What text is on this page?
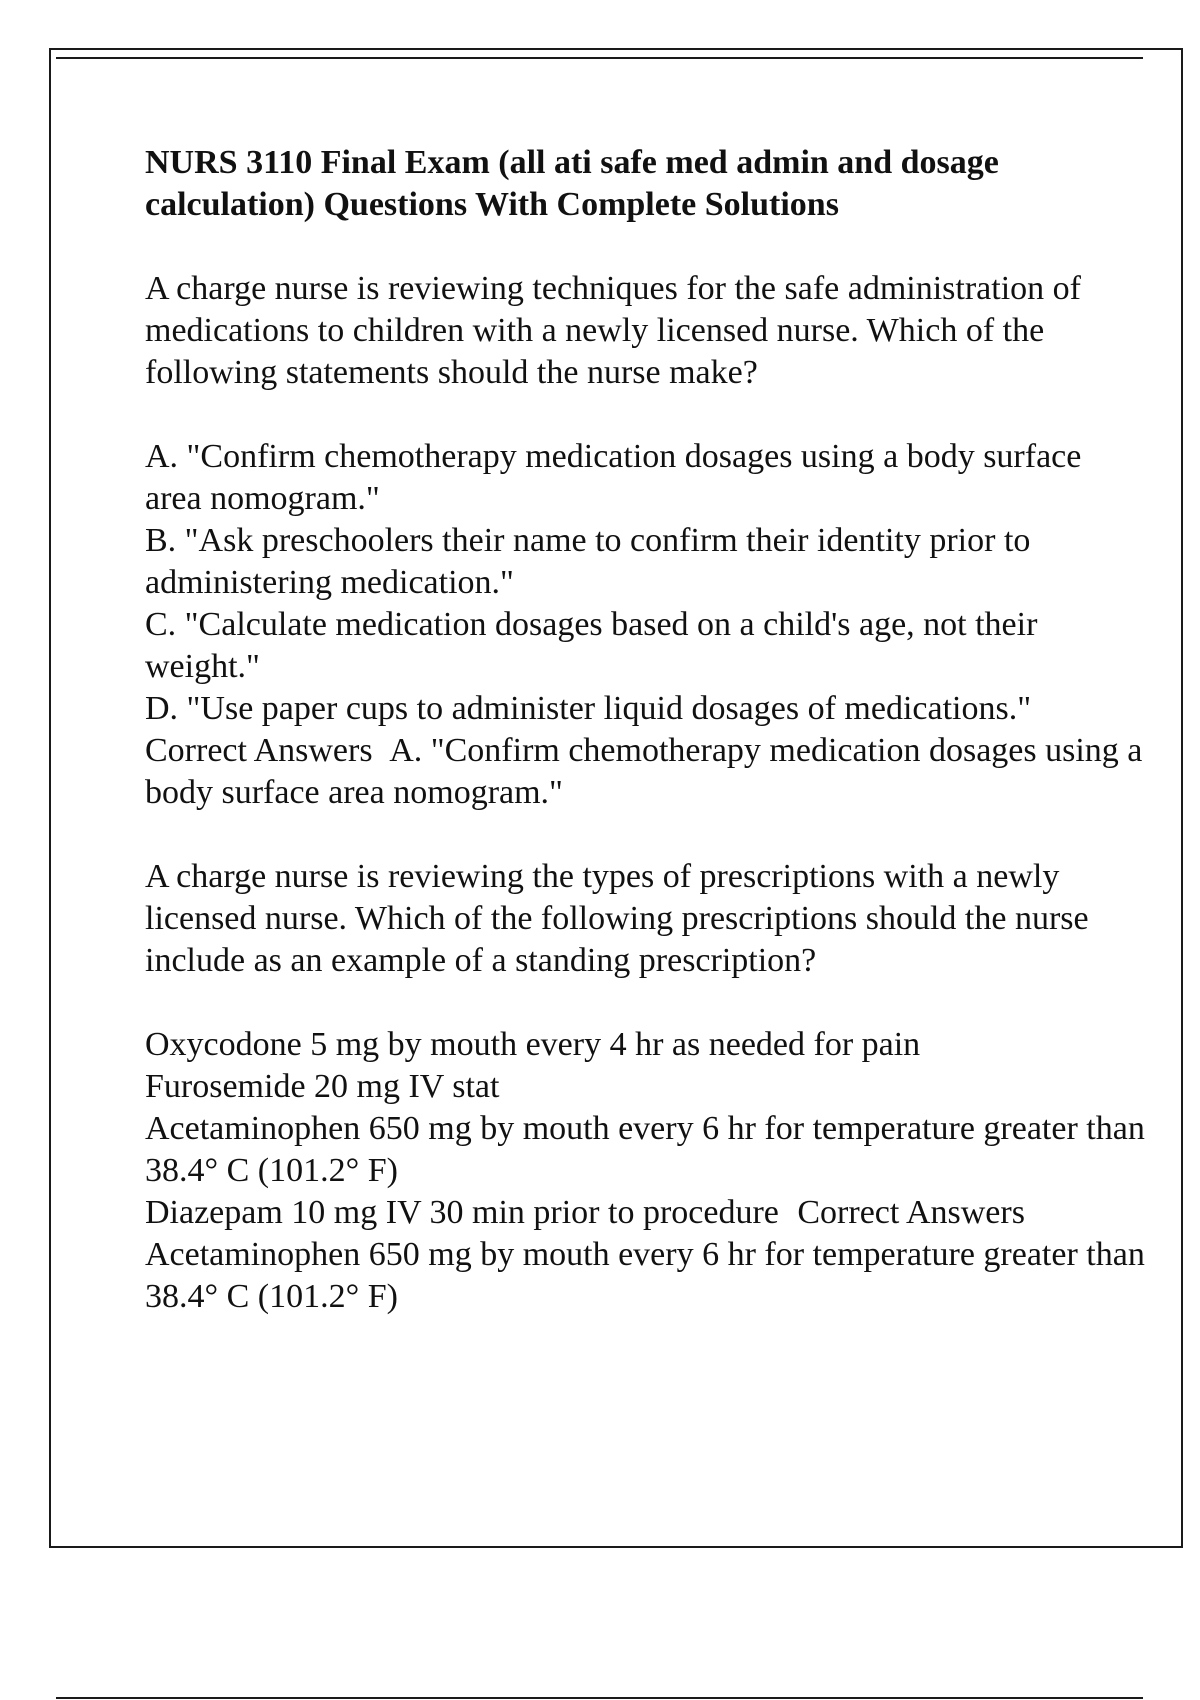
NURS 3110 Final Exam (all ati safe med admin and dosage calculation) Questions With Complete Solutions
A charge nurse is reviewing techniques for the safe administration of medications to children with a newly licensed nurse. Which of the following statements should the nurse make?
A. "Confirm chemotherapy medication dosages using a body surface area nomogram."
B. "Ask preschoolers their name to confirm their identity prior to administering medication."
C. "Calculate medication dosages based on a child's age, not their weight."
D. "Use paper cups to administer liquid dosages of medications." Correct Answers A. "Confirm chemotherapy medication dosages using a body surface area nomogram."
A charge nurse is reviewing the types of prescriptions with a newly licensed nurse. Which of the following prescriptions should the nurse include as an example of a standing prescription?
Oxycodone 5 mg by mouth every 4 hr as needed for pain
Furosemide 20 mg IV stat
Acetaminophen 650 mg by mouth every 6 hr for temperature greater than 38.4° C (101.2° F)
Diazepam 10 mg IV 30 min prior to procedure Correct Answers Acetaminophen 650 mg by mouth every 6 hr for temperature greater than 38.4° C (101.2° F)
